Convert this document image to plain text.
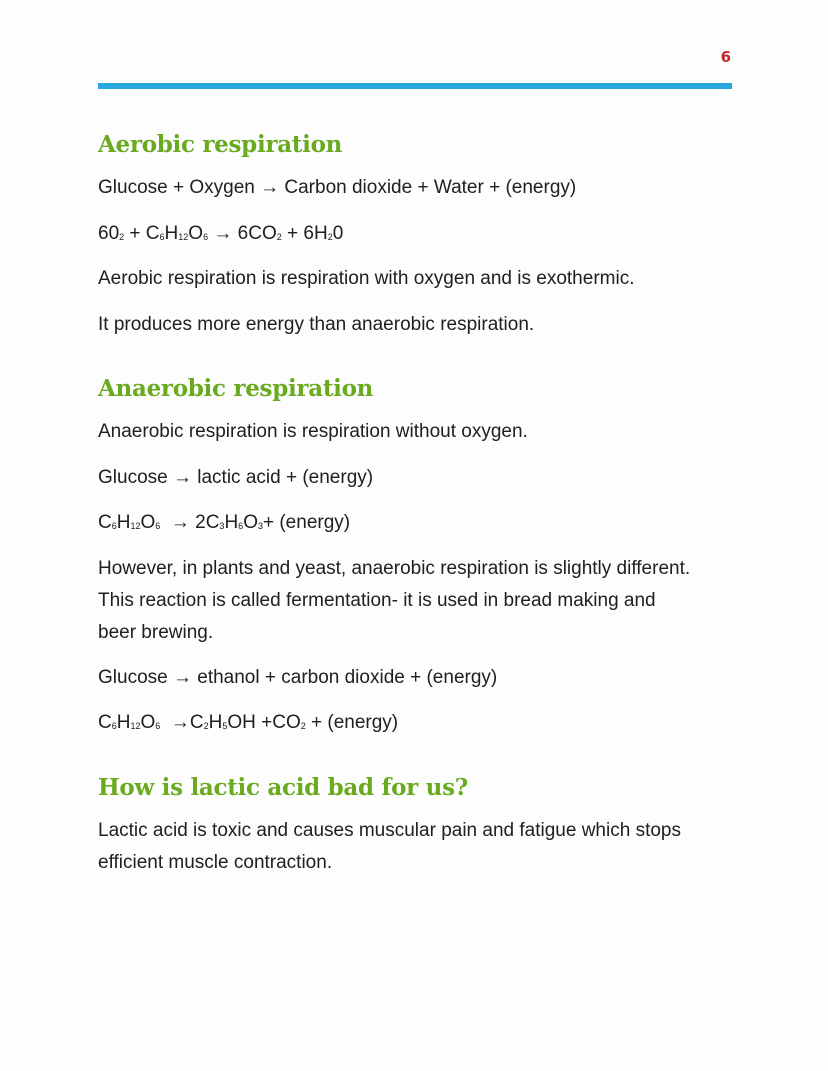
6
Aerobic respiration

Glucose + Oxygen → Carbon dioxide + Water + (energy)

$60_2 + C_6H_{12}O_6 \to 6CO_2 + 6H_20$

Aerobic respiration is respiration with oxygen and is exothermic.

It produces more energy than anaerobic respiration.

Anaerobic respiration

Anaerobic respiration is respiration without oxygen.

Glucose → lactic acid + (energy)

$C_6H_{12}O_6 \to 2C_3H_6O_3+$ (energy)

However, in plants and yeast, anaerobic respiration is slightly different.

This reaction is called fermentation- it is used in bread making and

beer brewing.

Glucose → ethanol + carbon dioxide + (energy)

$C_6H_{12}O_6 \to C_2H_5OH +CO_2$ + (energy)

How is lactic acid bad for us?

Lactic acid is toxic and causes muscular pain and fatigue which stops

efficient muscle contraction.
